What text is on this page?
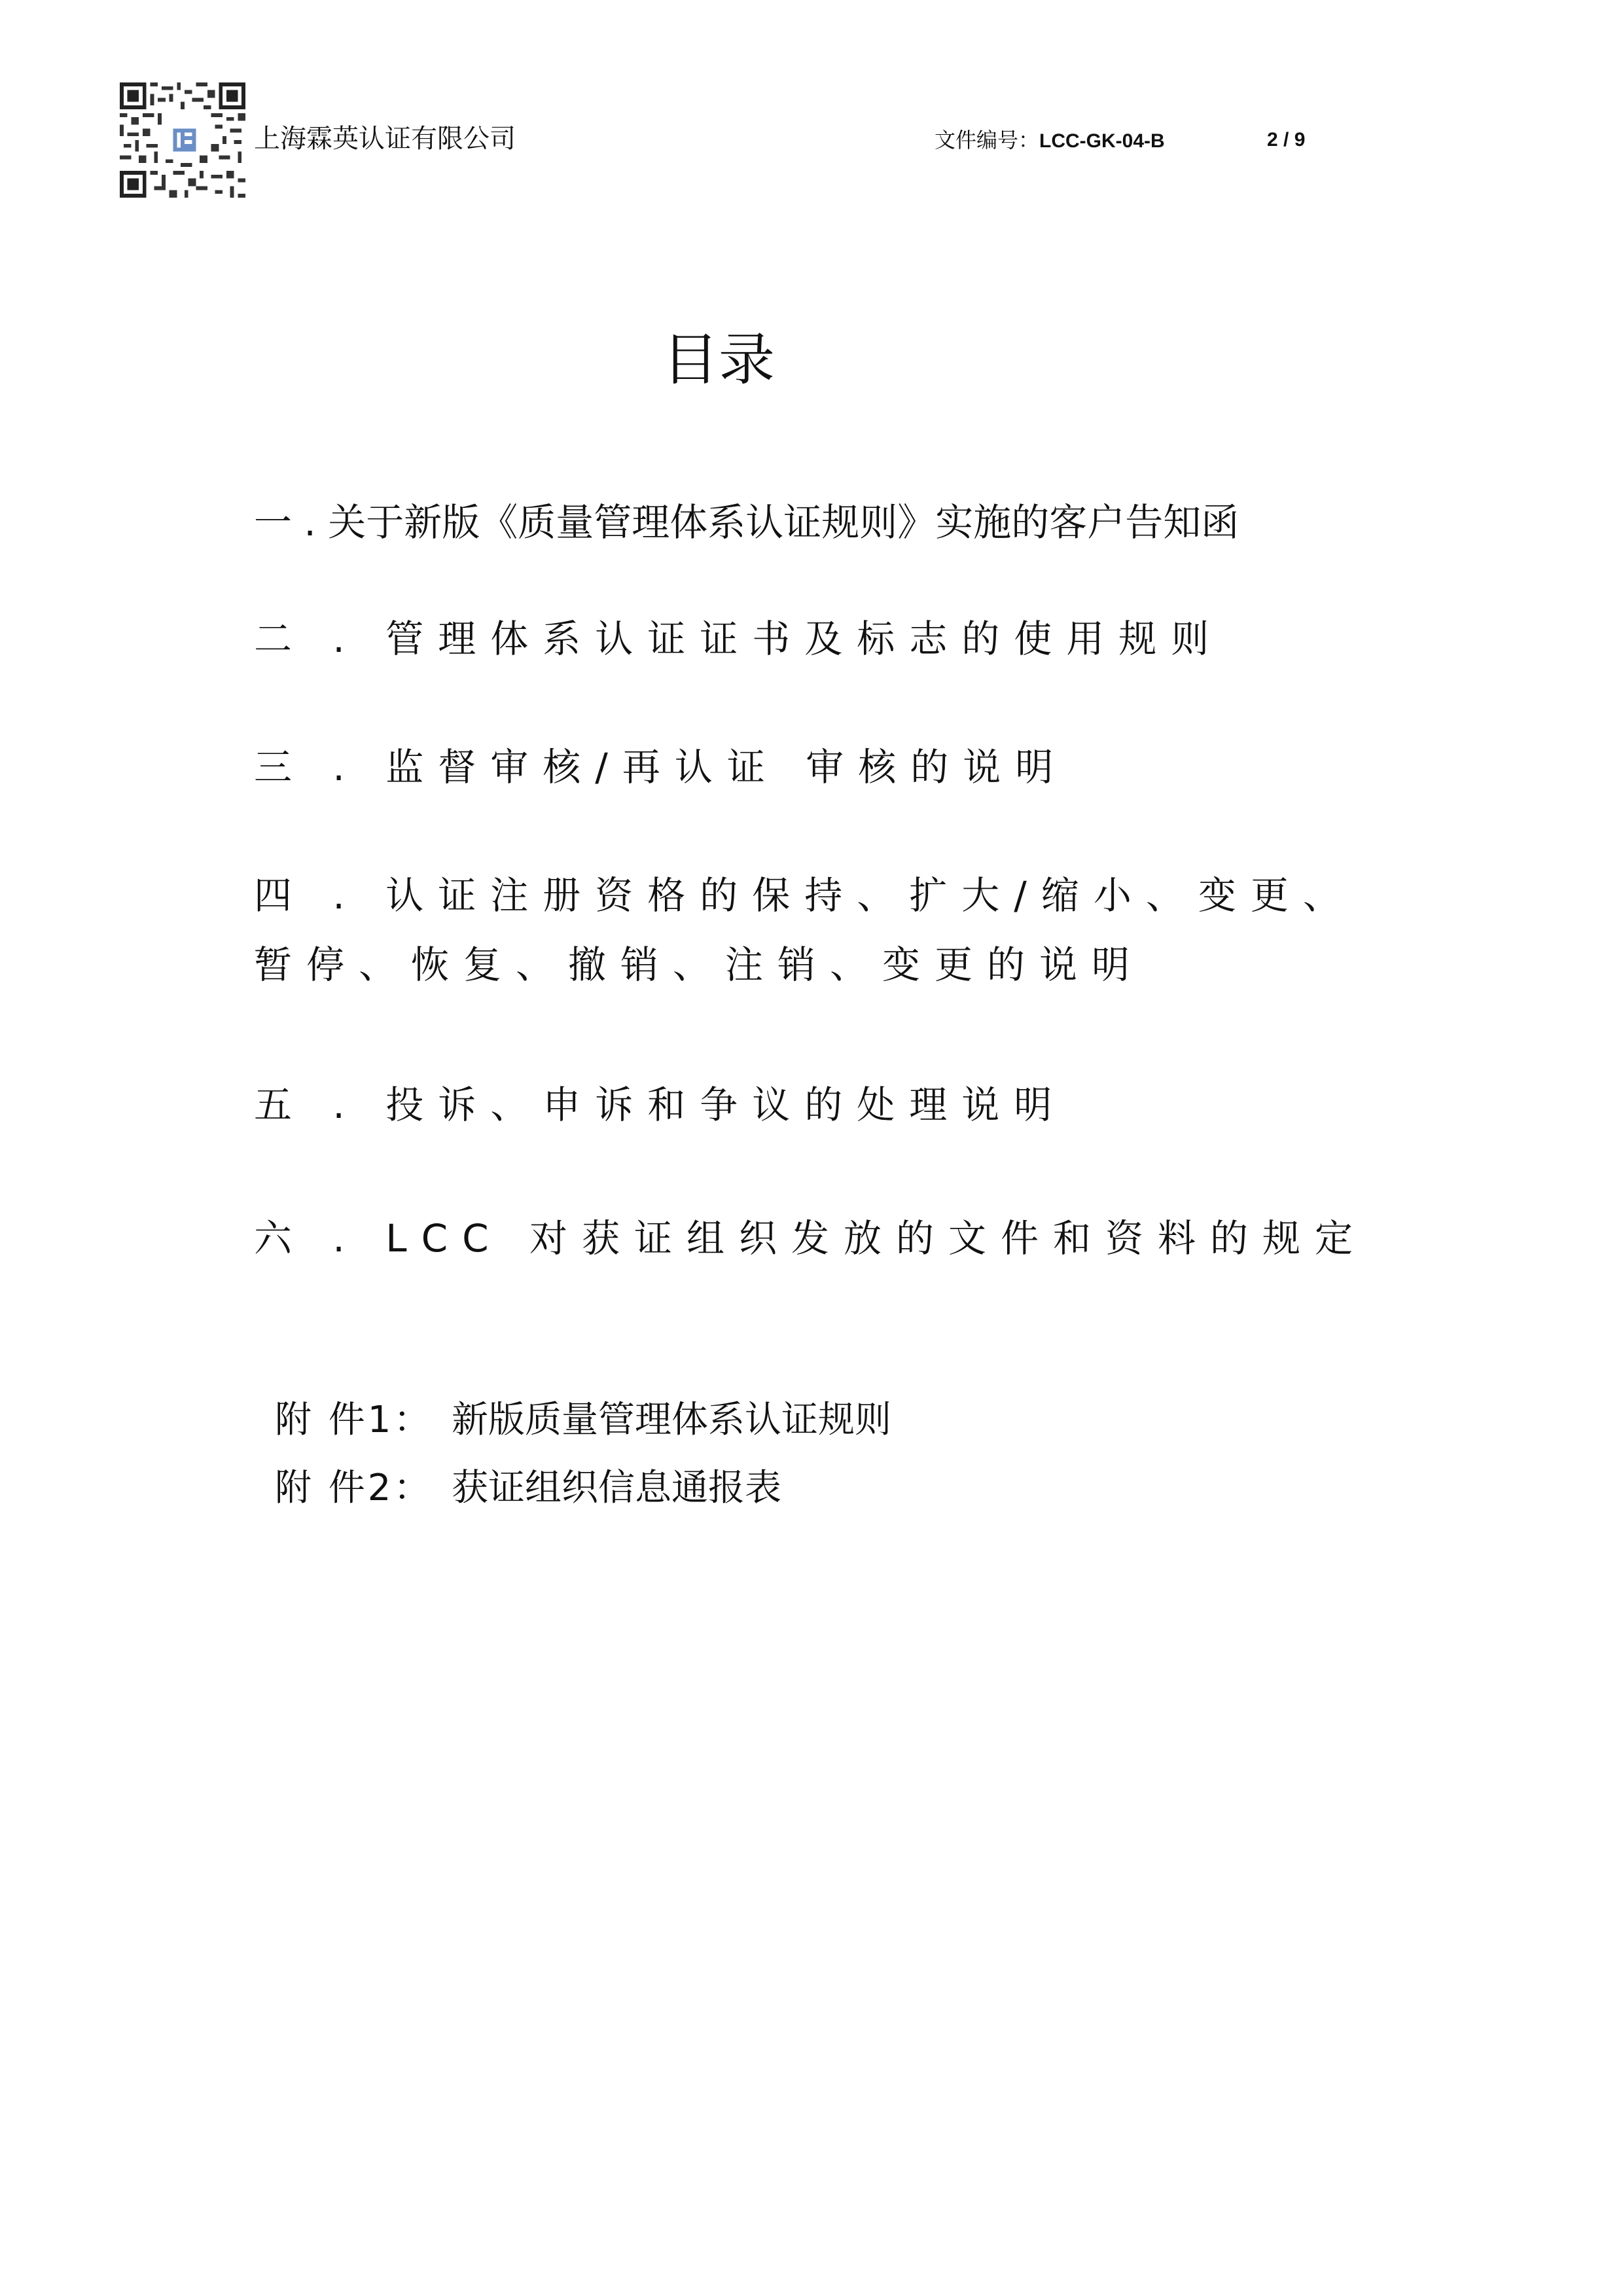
上海霖英认证有限公司	文件编号：LCC-GK-04-B	2 / 9
目录
一 . 关于新版《质量管理体系认证规则》实施的客户告知函
二 . 管理体系认证证书及标志的使用规则
三 . 监督审核/再认证 审核的说明
四 . 认证注册资格的保持、扩大/缩小、变更、
暂停、恢复、撤销、注销、变更的说明
五 . 投诉、申诉和争议的处理说明
六 . LCC 对获证组织发放的文件和资料的规定
附 件1： 新版质量管理体系认证规则
附 件2： 获证组织信息通报表
